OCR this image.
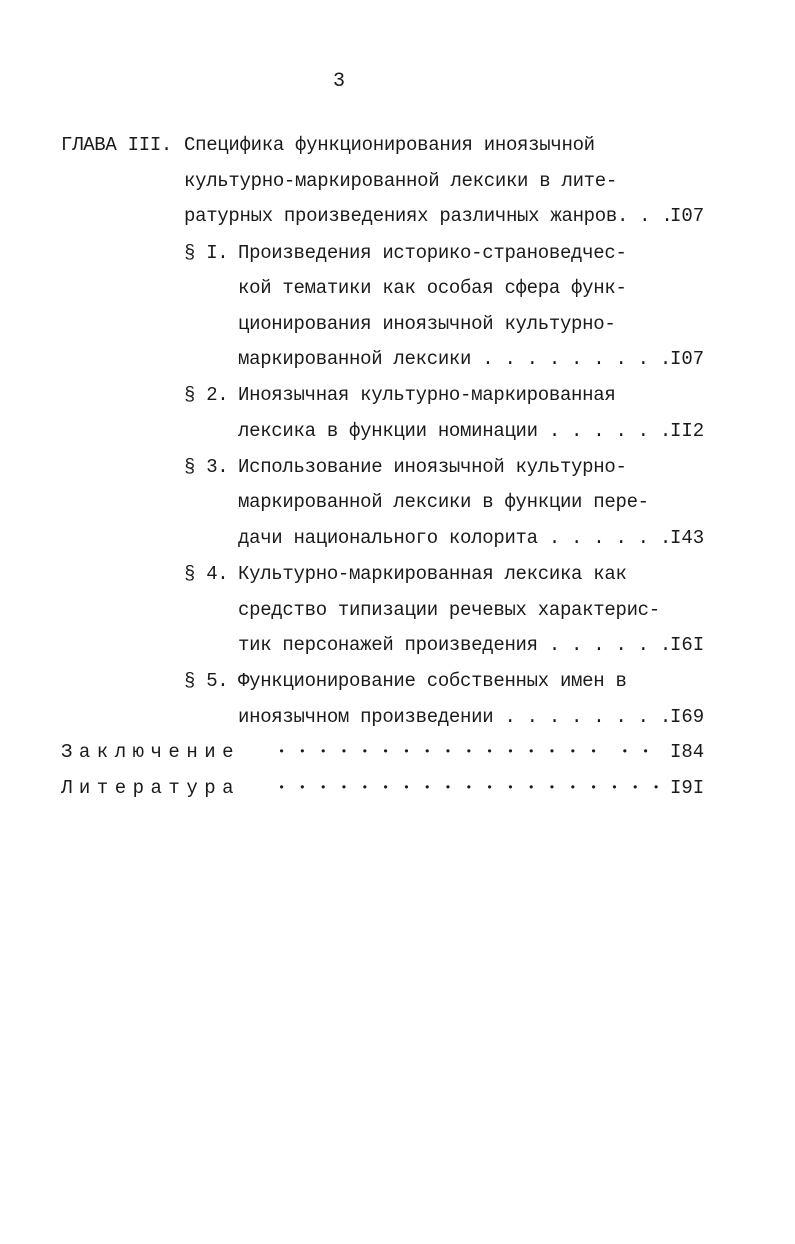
3
ГЛАВА III. Специфика функционирования иноязычной
культурно-маркированной лексики в лите-
ратурных произведениях различных жанров. . .
I07
§ I. Произведения историко-страноведчес-
кой тематики как особая сфера функ-
ционирования иноязычной культурно-
маркированной лексики . . . . . . . . . I07
§ 2. Иноязычная культурно-маркированная
лексика в функции номинации . . . . . . II2
§ 3. Использование иноязычной культурно-
маркированной лексики в функции пере-
дачи национального колорита . . . . . . I43
§ 4. Культурно-маркированная лексика как
средство типизации речевых характерис-
тик персонажей произведения . . . . . . I6I
§ 5. Функционирование собственных имен в
иноязычном произведении . . . . . . . . I69
Заключение	• • • • • • • • • • • • • • • •  • • I84
Литература	• • • • • • • • • • • • • • • • • • • I9I
